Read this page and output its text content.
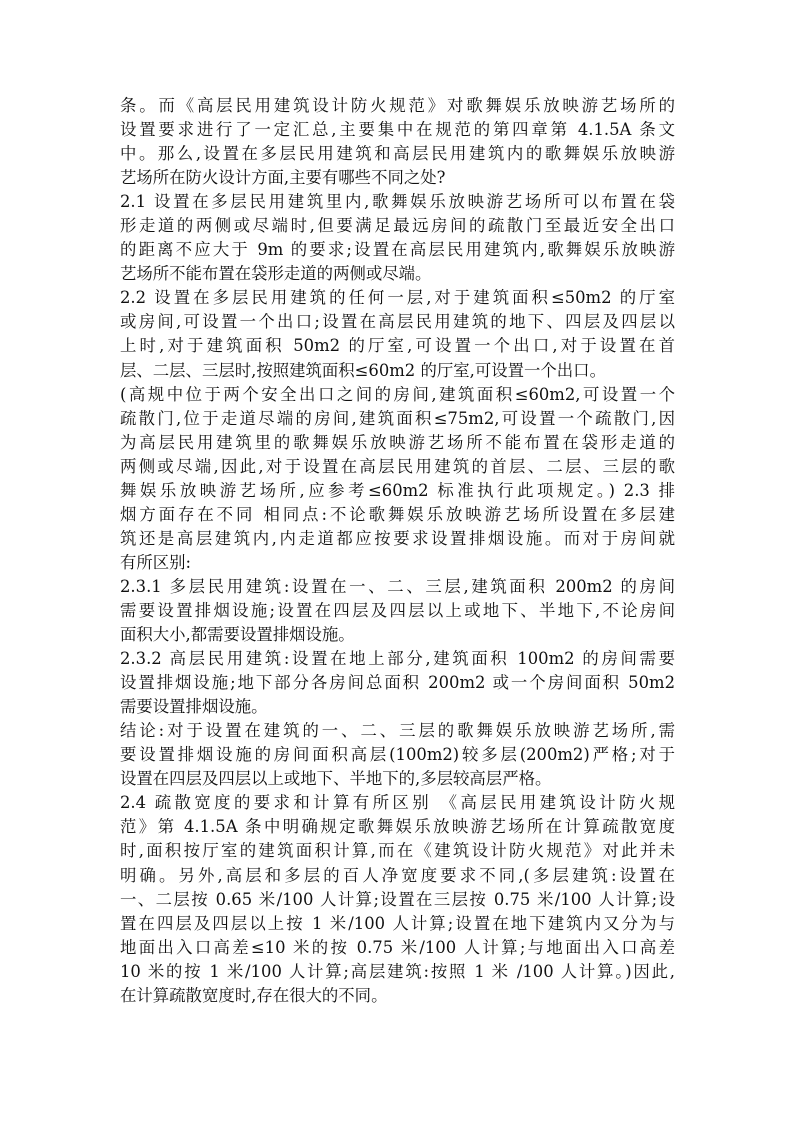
条。而《高层民用建筑设计防火规范》对歌舞娱乐放映游艺场所的
设置要求进行了一定汇总,主要集中在规范的第四章第 4.1.5A 条文
中。那么,设置在多层民用建筑和高层民用建筑内的歌舞娱乐放映游
艺场所在防火设计方面,主要有哪些不同之处?
2.1 设置在多层民用建筑里内,歌舞娱乐放映游艺场所可以布置在袋
形走道的两侧或尽端时,但要满足最远房间的疏散门至最近安全出口
的距离不应大于 9m 的要求;设置在高层民用建筑内,歌舞娱乐放映游
艺场所不能布置在袋形走道的两侧或尽端。
2.2 设置在多层民用建筑的任何一层,对于建筑面积≤50m2 的厅室
或房间,可设置一个出口;设置在高层民用建筑的地下、四层及四层以
上时,对于建筑面积 50m2 的厅室,可设置一个出口,对于设置在首
层、二层、三层时,按照建筑面积≤60m2 的厅室,可设置一个出口。
(高规中位于两个安全出口之间的房间,建筑面积≤60m2,可设置一个
疏散门,位于走道尽端的房间,建筑面积≤75m2,可设置一个疏散门,因
为高层民用建筑里的歌舞娱乐放映游艺场所不能布置在袋形走道的
两侧或尽端,因此,对于设置在高层民用建筑的首层、二层、三层的歌
舞娱乐放映游艺场所,应参考≤60m2 标准执行此项规定。) 2.3 排
烟方面存在不同 相同点:不论歌舞娱乐放映游艺场所设置在多层建
筑还是高层建筑内,内走道都应按要求设置排烟设施。而对于房间就
有所区别:
2.3.1 多层民用建筑:设置在一、二、三层,建筑面积 200m2 的房间
需要设置排烟设施;设置在四层及四层以上或地下、半地下,不论房间
面积大小,都需要设置排烟设施。
2.3.2 高层民用建筑:设置在地上部分,建筑面积 100m2 的房间需要
设置排烟设施;地下部分各房间总面积 200m2 或一个房间面积 50m2
需要设置排烟设施。
结论:对于设置在建筑的一、二、三层的歌舞娱乐放映游艺场所,需
要设置排烟设施的房间面积高层(100m2)较多层(200m2)严格;对于
设置在四层及四层以上或地下、半地下的,多层较高层严格。
2.4 疏散宽度的要求和计算有所区别 《高层民用建筑设计防火规
范》第 4.1.5A 条中明确规定歌舞娱乐放映游艺场所在计算疏散宽度
时,面积按厅室的建筑面积计算,而在《建筑设计防火规范》对此并未
明确。另外,高层和多层的百人净宽度要求不同,(多层建筑:设置在
一、二层按 0.65 米/100 人计算;设置在三层按 0.75 米/100 人计算;设
置在四层及四层以上按 1 米/100 人计算;设置在地下建筑内又分为与
地面出入口高差≤10 米的按 0.75 米/100 人计算;与地面出入口高差
10 米的按 1 米/100 人计算;高层建筑:按照 1 米 /100 人计算。)因此,
在计算疏散宽度时,存在很大的不同。
